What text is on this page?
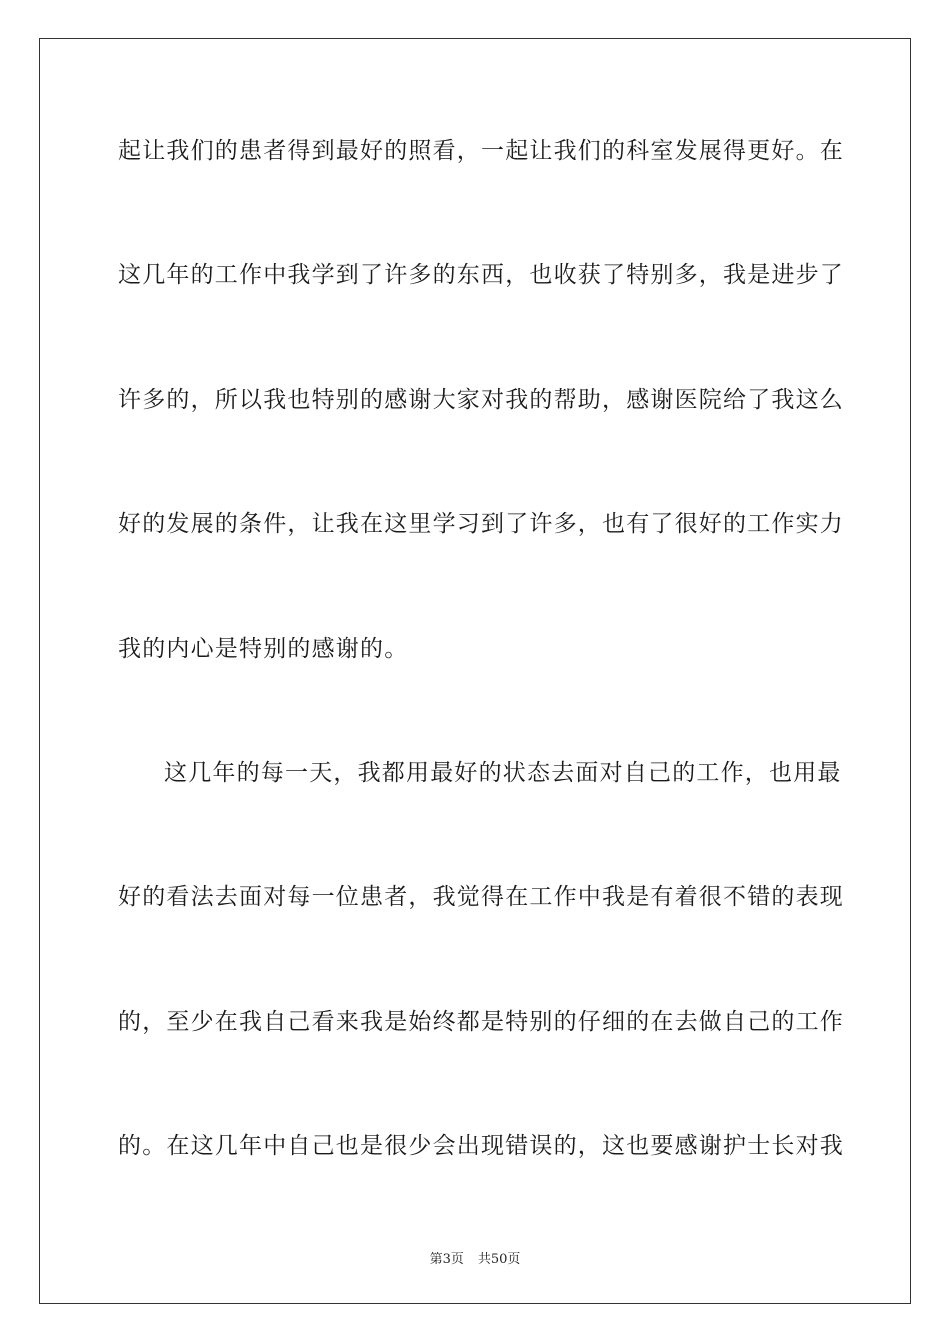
起让我们的患者得到最好的照看，一起让我们的科室发展得更好。在
这几年的工作中我学到了许多的东西，也收获了特别多，我是进步了
许多的，所以我也特别的感谢大家对我的帮助，感谢医院给了我这么
好的发展的条件，让我在这里学习到了许多，也有了很好的工作实力
我的内心是特别的感谢的。
这几年的每一天，我都用最好的状态去面对自己的工作，也用最
好的看法去面对每一位患者，我觉得在工作中我是有着很不错的表现
的，至少在我自己看来我是始终都是特别的仔细的在去做自己的工作
的。在这几年中自己也是很少会出现错误的，这也要感谢护士长对我
第3页 共50页
